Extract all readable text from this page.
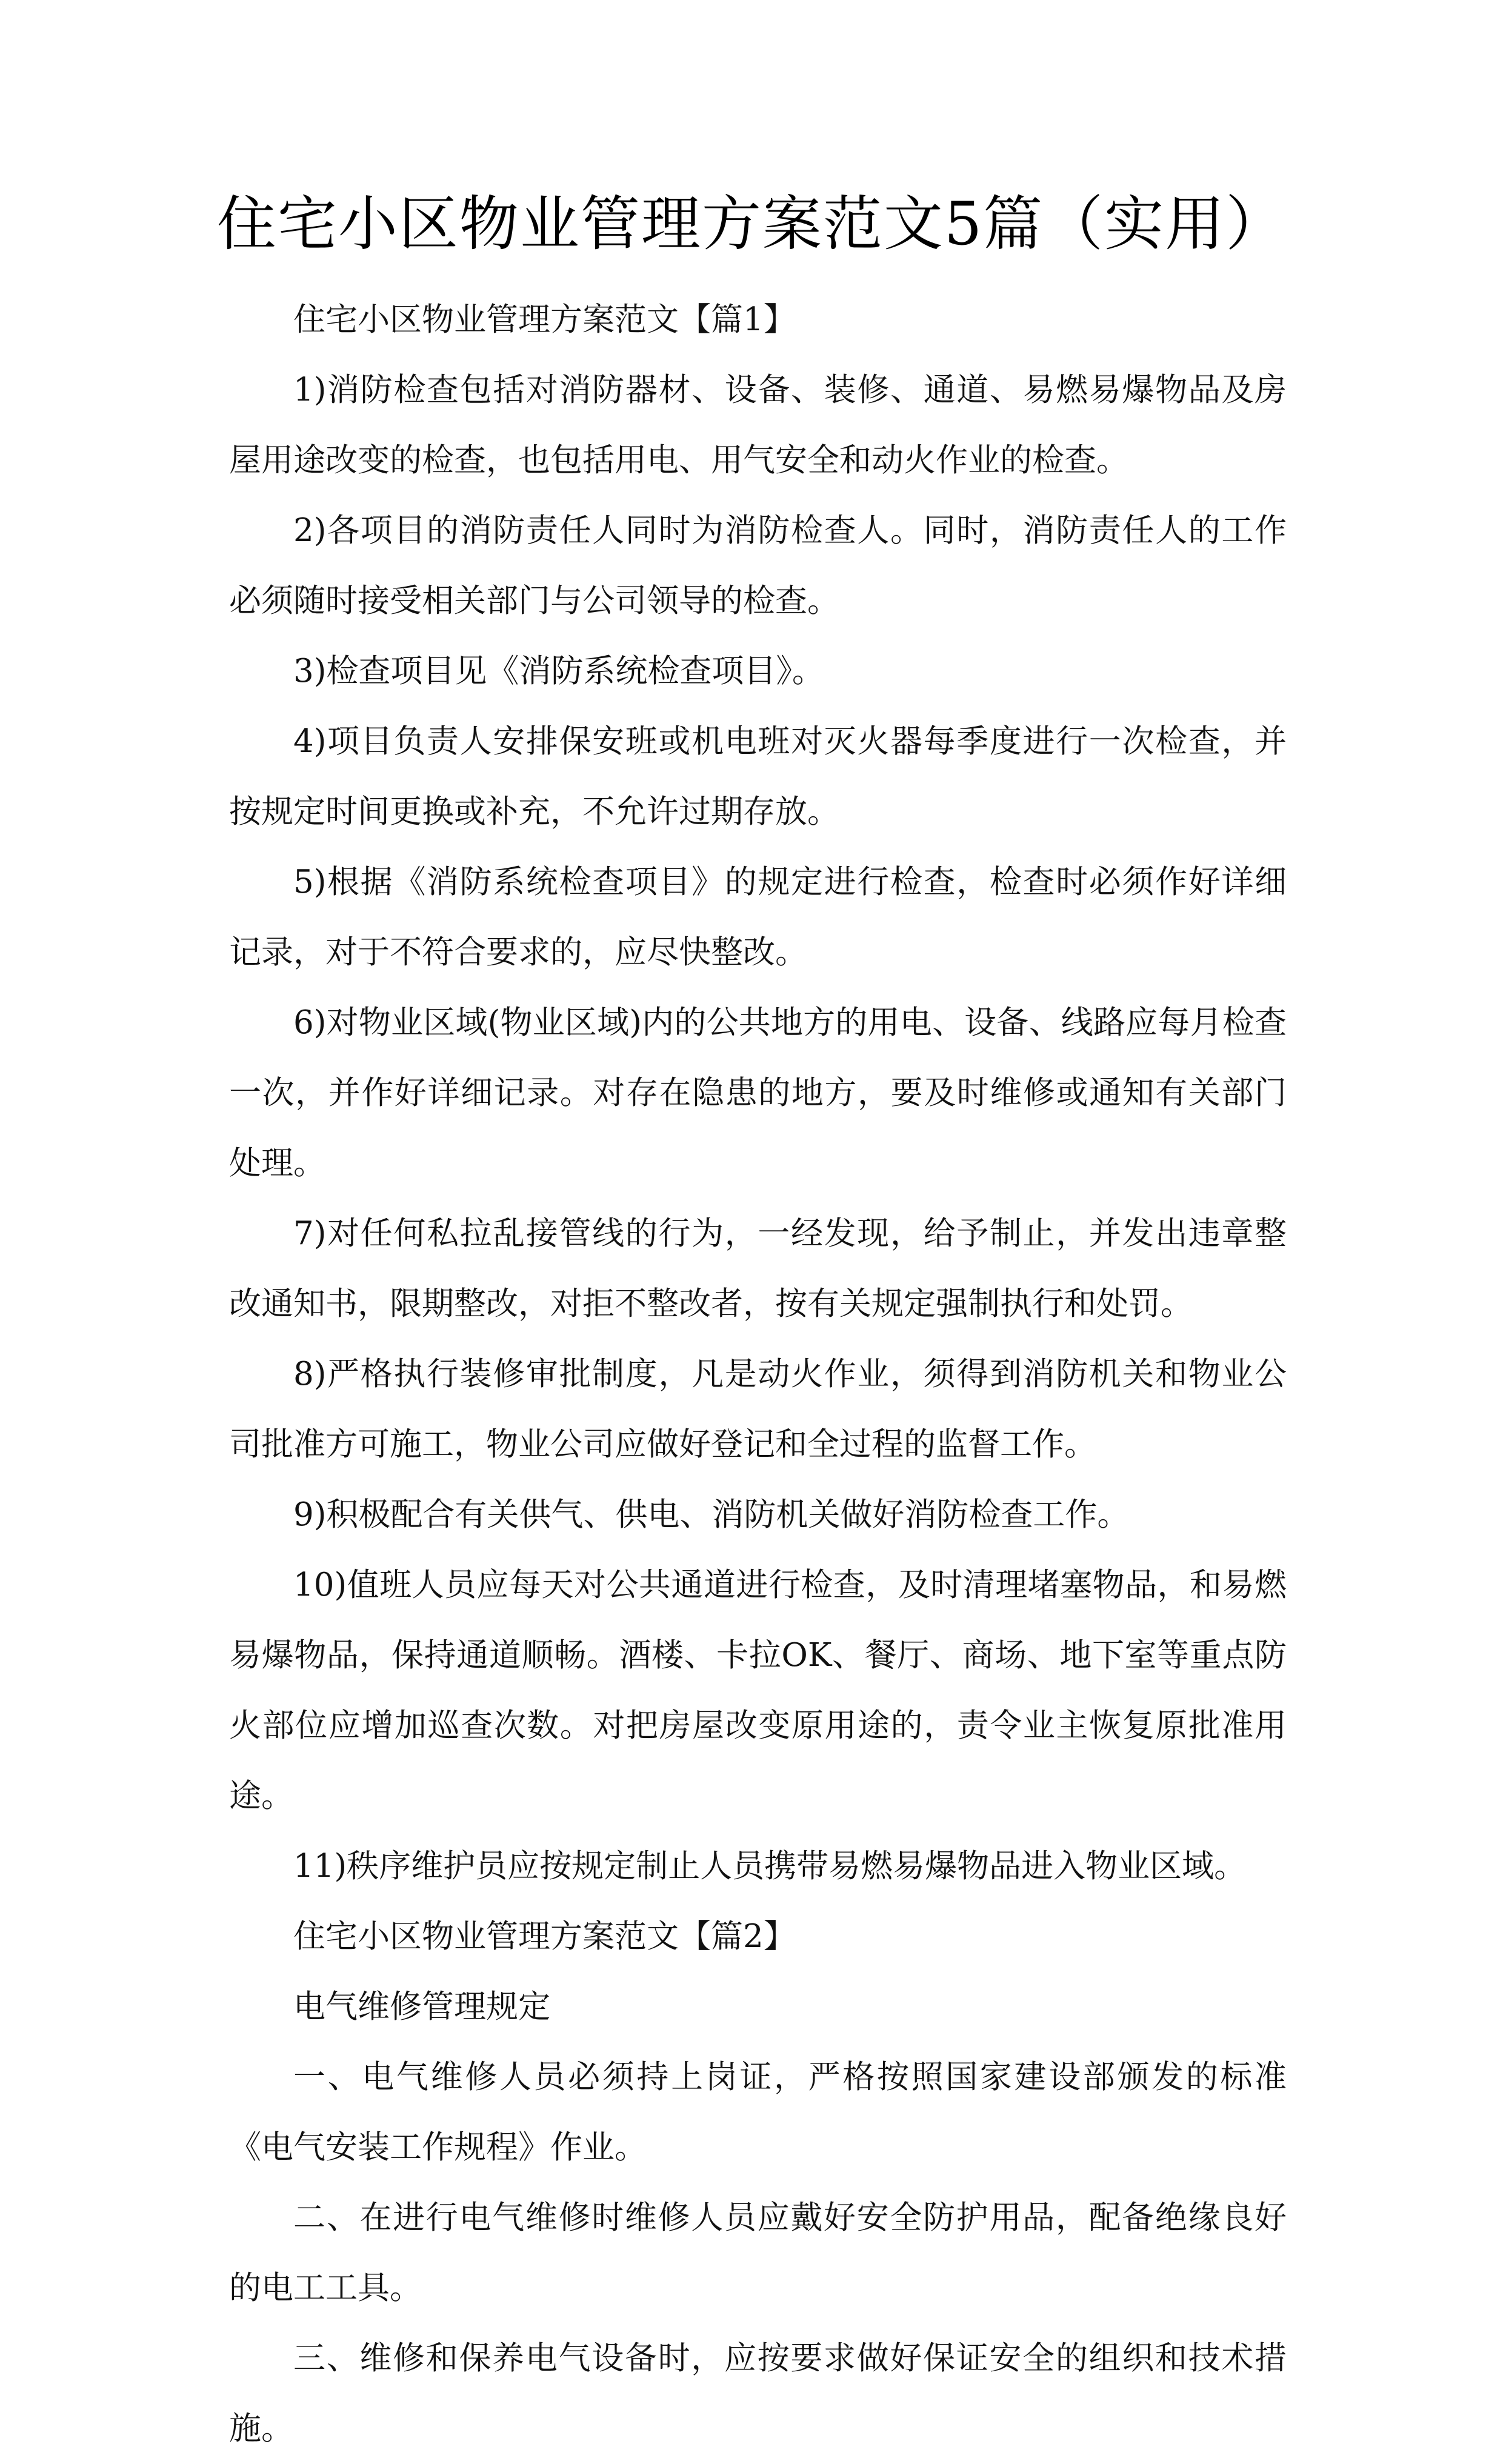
住宅小区物业管理方案范文5篇（实用）

住宅小区物业管理方案范文【篇1】

1)消防检查包括对消防器材、设备、装修、通道、易燃易爆物品及房屋用途改变的检查，也包括用电、用气安全和动火作业的检查。

2)各项目的消防责任人同时为消防检查人。同时，消防责任人的工作必须随时接受相关部门与公司领导的检查。

3)检查项目见《消防系统检查项目》。

4)项目负责人安排保安班或机电班对灭火器每季度进行一次检查，并按规定时间更换或补充，不允许过期存放。

5)根据《消防系统检查项目》的规定进行检查，检查时必须作好详细记录，对于不符合要求的，应尽快整改。

6)对物业区域(物业区域)内的公共地方的用电、设备、线路应每月检查一次，并作好详细记录。对存在隐患的地方，要及时维修或通知有关部门处理。

7)对任何私拉乱接管线的行为，一经发现，给予制止，并发出违章整改通知书，限期整改，对拒不整改者，按有关规定强制执行和处罚。

8)严格执行装修审批制度，凡是动火作业，须得到消防机关和物业公司批准方可施工，物业公司应做好登记和全过程的监督工作。

9)积极配合有关供气、供电、消防机关做好消防检查工作。

10)值班人员应每天对公共通道进行检查，及时清理堵塞物品，和易燃易爆物品，保持通道顺畅。酒楼、卡拉OK、餐厅、商场、地下室等重点防火部位应增加巡查次数。对把房屋改变原用途的，责令业主恢复原批准用途。

11)秩序维护员应按规定制止人员携带易燃易爆物品进入物业区域。

住宅小区物业管理方案范文【篇2】

电气维修管理规定

一、电气维修人员必须持上岗证，严格按照国家建设部颁发的标准《电气安装工作规程》作业。

二、在进行电气维修时维修人员应戴好安全防护用品，配备绝缘良好的电工工具。

三、维修和保养电气设备时，应按要求做好保证安全的组织和技术措施。
